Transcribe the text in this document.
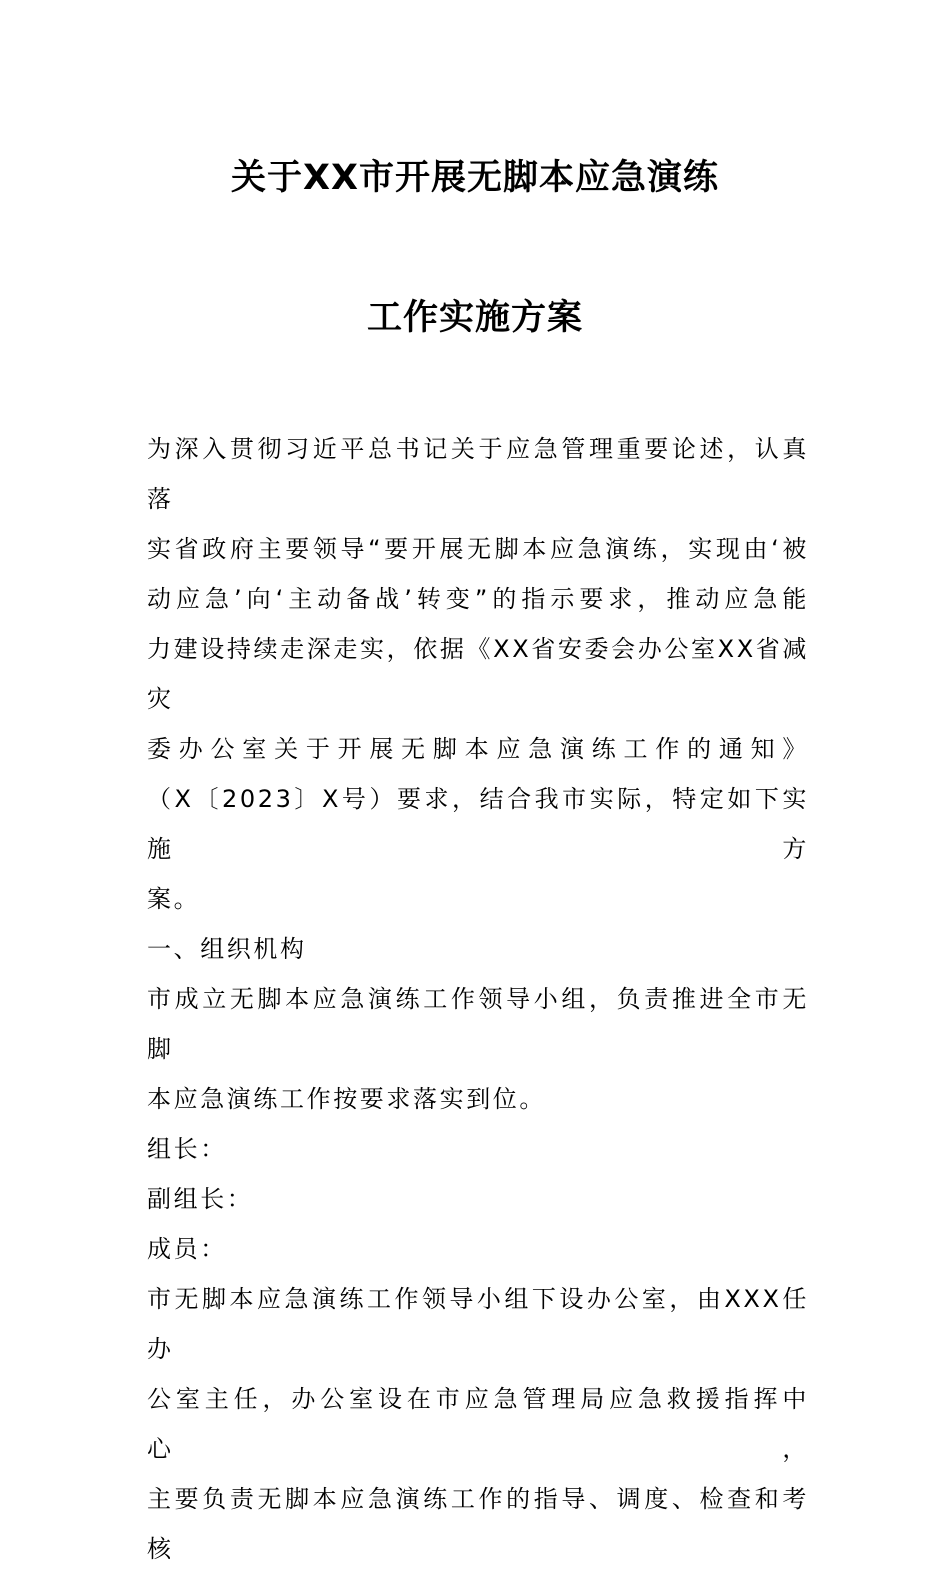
关于XX市开展无脚本应急演练
工作实施方案

为深入贯彻习近平总书记关于应急管理重要论述，认真落

实省政府主要领导“要开展无脚本应急演练，实现由‘被

动应急’向‘主动备战’转变”的指示要求，推动应急能

力建设持续走深走实，依据《XX省安委会办公室XX省减灾

委办公室关于开展无脚本应急演练工作的通知》

（X〔2023〕X号）要求，结合我市实际，特定如下实施方

案。

一、组织机构

市成立无脚本应急演练工作领导小组，负责推进全市无脚

本应急演练工作按要求落实到位。

组长：

副组长：

成员：

市无脚本应急演练工作领导小组下设办公室，由XXX任办

公室主任，办公室设在市应急管理局应急救援指挥中心，

主要负责无脚本应急演练工作的指导、调度、检查和考核
